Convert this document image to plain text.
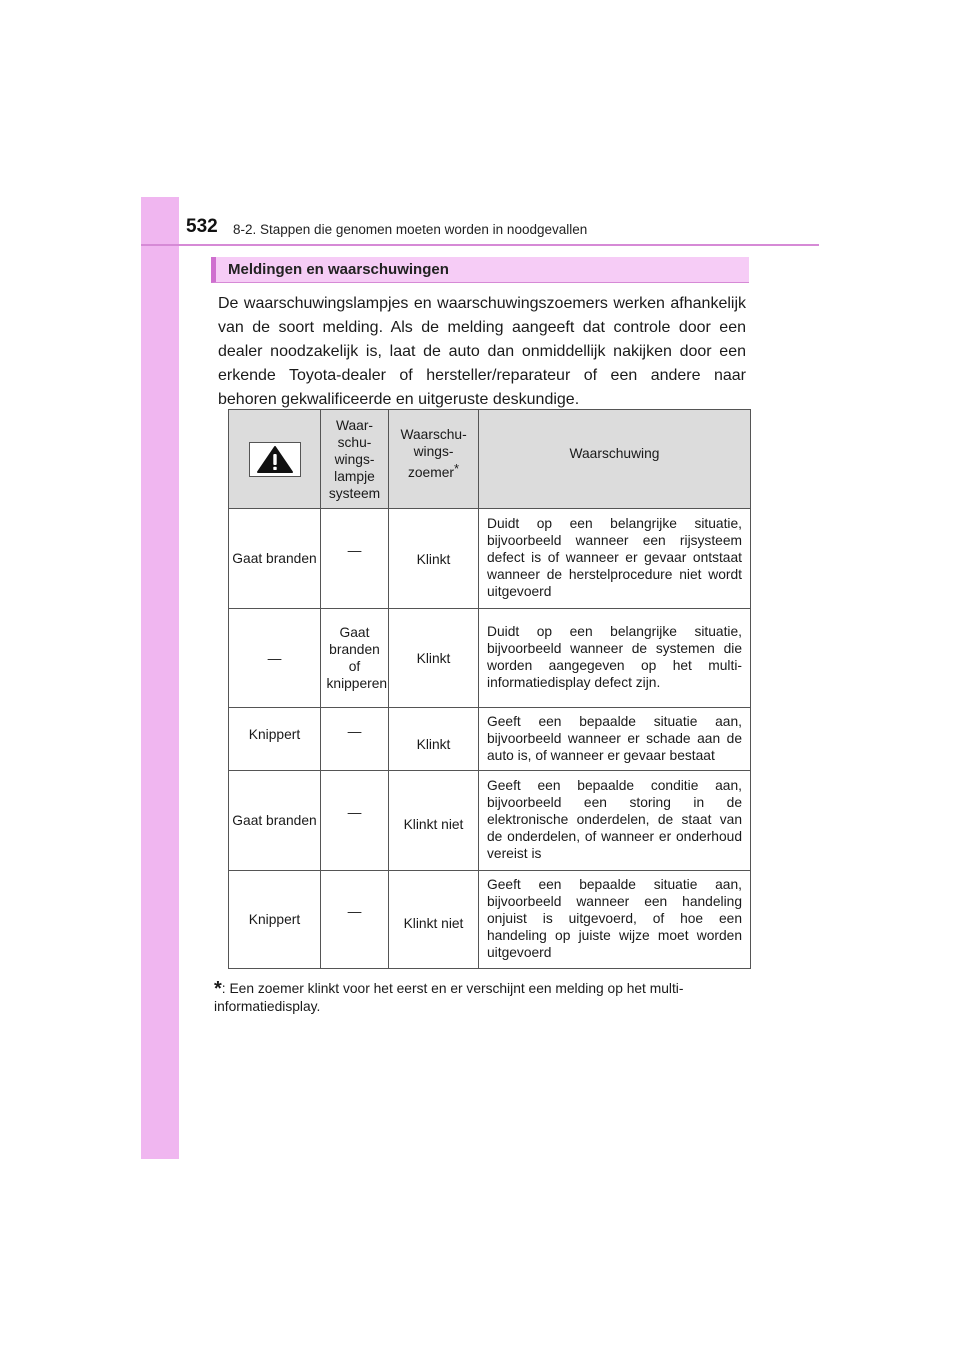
532 8-2. Stappen die genomen moeten worden in noodgevallen
Meldingen en waarschuwingen

De waarschuwingslampjes en waarschuwingszoemers werken afhankelijk van de soort melding. Als de melding aangeeft dat controle door een dealer noodzakelijk is, laat de auto dan onmiddellijk nakijken door een erkende Toyota-dealer of hersteller/reparateur of een andere naar behoren gekwalificeerde en uitgeruste deskundige.

Waar-schu-wings-lampje systeem	Waarschu-wings-zoemer*	Waarschuwing
Gaat branden	—	Klinkt	Duidt op een belangrijke situatie, bijvoorbeeld wanneer een rijsysteem defect is of wanneer er gevaar ontstaat wanneer de herstelprocedure niet wordt uitgevoerd
—	Gaat branden of knipperen	Klinkt	Duidt op een belangrijke situatie, bijvoorbeeld wanneer de systemen die worden aangegeven op het multi-informatiedisplay defect zijn.
Knippert	—	Klinkt	Geeft een bepaalde situatie aan, bijvoorbeeld wanneer er schade aan de auto is, of wanneer er gevaar bestaat
Gaat branden	—	Klinkt niet	Geeft een bepaalde conditie aan, bijvoorbeeld een storing in de elektronische onderdelen, de staat van de onderdelen, of wanneer er onderhoud vereist is
Knippert	—	Klinkt niet	Geeft een bepaalde situatie aan, bijvoorbeeld wanneer een handeling onjuist is uitgevoerd, of hoe een handeling op juiste wijze moet worden uitgevoerd
*: Een zoemer klinkt voor het eerst en er verschijnt een melding op het multi-informatiedisplay.
